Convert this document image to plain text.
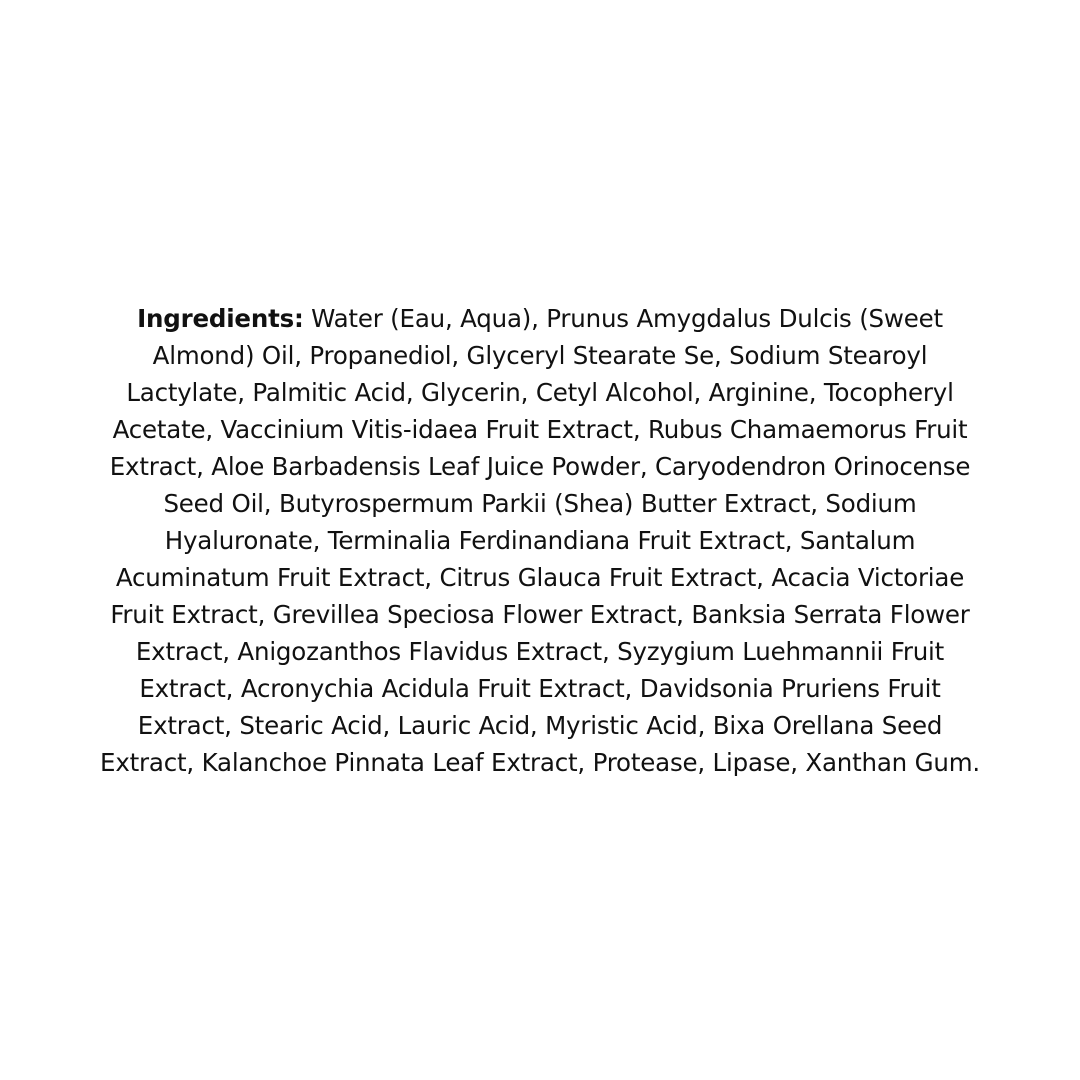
Ingredients: Water (Eau, Aqua), Prunus Amygdalus Dulcis (Sweet
Almond) Oil, Propanediol, Glyceryl Stearate Se, Sodium Stearoyl
Lactylate, Palmitic Acid, Glycerin, Cetyl Alcohol, Arginine, Tocopheryl
Acetate, Vaccinium Vitis-idaea Fruit Extract, Rubus Chamaemorus Fruit
Extract, Aloe Barbadensis Leaf Juice Powder, Caryodendron Orinocense
Seed Oil, Butyrospermum Parkii (Shea) Butter Extract, Sodium
Hyaluronate, Terminalia Ferdinandiana Fruit Extract, Santalum
Acuminatum Fruit Extract, Citrus Glauca Fruit Extract, Acacia Victoriae
Fruit Extract, Grevillea Speciosa Flower Extract, Banksia Serrata Flower
Extract, Anigozanthos Flavidus Extract, Syzygium Luehmannii Fruit
Extract, Acronychia Acidula Fruit Extract, Davidsonia Pruriens Fruit
Extract, Stearic Acid, Lauric Acid, Myristic Acid, Bixa Orellana Seed
Extract, Kalanchoe Pinnata Leaf Extract, Protease, Lipase, Xanthan Gum.
